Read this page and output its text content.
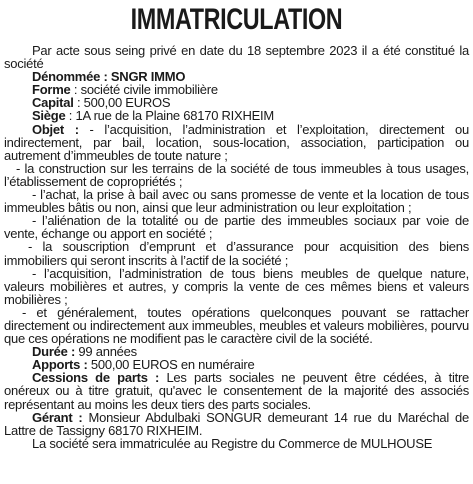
IMMATRICULATION

Par acte sous seing privé en date du 18 septembre 2023 il a été constitué la société

Dénommée : SNGR IMMO

Forme : société civile immobilière

Capital : 500,00 EUROS

Siège : 1A rue de la Plaine 68170 RIXHEIM

Objet : - l’acquisition, l’administration et l’exploitation, directement ou indirectement, par bail, location, sous-location, association, participation ou autrement d’immeubles de toute nature ;

- la construction sur les terrains de la société de tous immeubles à tous usages, l’établissement de copropriétés ;

- l’achat, la prise à bail avec ou sans promesse de vente et la location de tous immeubles bâtis ou non, ainsi que leur administration ou leur exploitation ;

- l’aliénation de la totalité ou de partie des immeubles sociaux par voie de vente, échange ou apport en société ;

- la souscription d’emprunt et d’assurance pour acquisition des biens immobiliers qui seront inscrits à l’actif de la société ;

- l’acquisition, l’administration de tous biens meubles de quelque nature, valeurs mobilières et autres, y compris la vente de ces mêmes biens et valeurs mobilières ;

- et généralement, toutes opérations quelconques pouvant se rattacher directement ou indirectement aux immeubles, meubles et valeurs mobilières, pourvu que ces opérations ne modifient pas le caractère civil de la société.

Durée : 99 années

Apports : 500,00 EUROS en numéraire

Cessions de parts : Les parts sociales ne peuvent être cédées, à titre onéreux ou à titre gratuit, qu'avec le consentement de la majorité des associés représentant au moins les deux tiers des parts sociales.

Gérant : Monsieur Abdulbaki SONGUR demeurant 14 rue du Maréchal de Lattre de Tassigny 68170 RIXHEIM.

La société sera immatriculée au Registre du Commerce de MULHOUSE
